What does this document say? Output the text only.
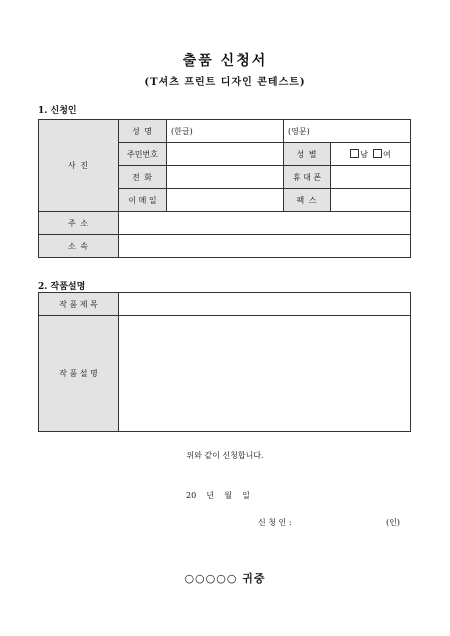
출품 신청서
(T셔츠 프린트 디자인 콘테스트)
1. 신청인
사 진	성 명	(한글)	(영문)	
	주민번호		성 별	남 여
	전 화		휴 대 폰	
	이 메 일		팩 스	
주 소				
소 속				
2. 작품설명
작 품 제 목	
작 품 설 명	
위와 같이 신청합니다.
20    년    월    일
신 청 인 :	(인)
○○○○○ 귀중
